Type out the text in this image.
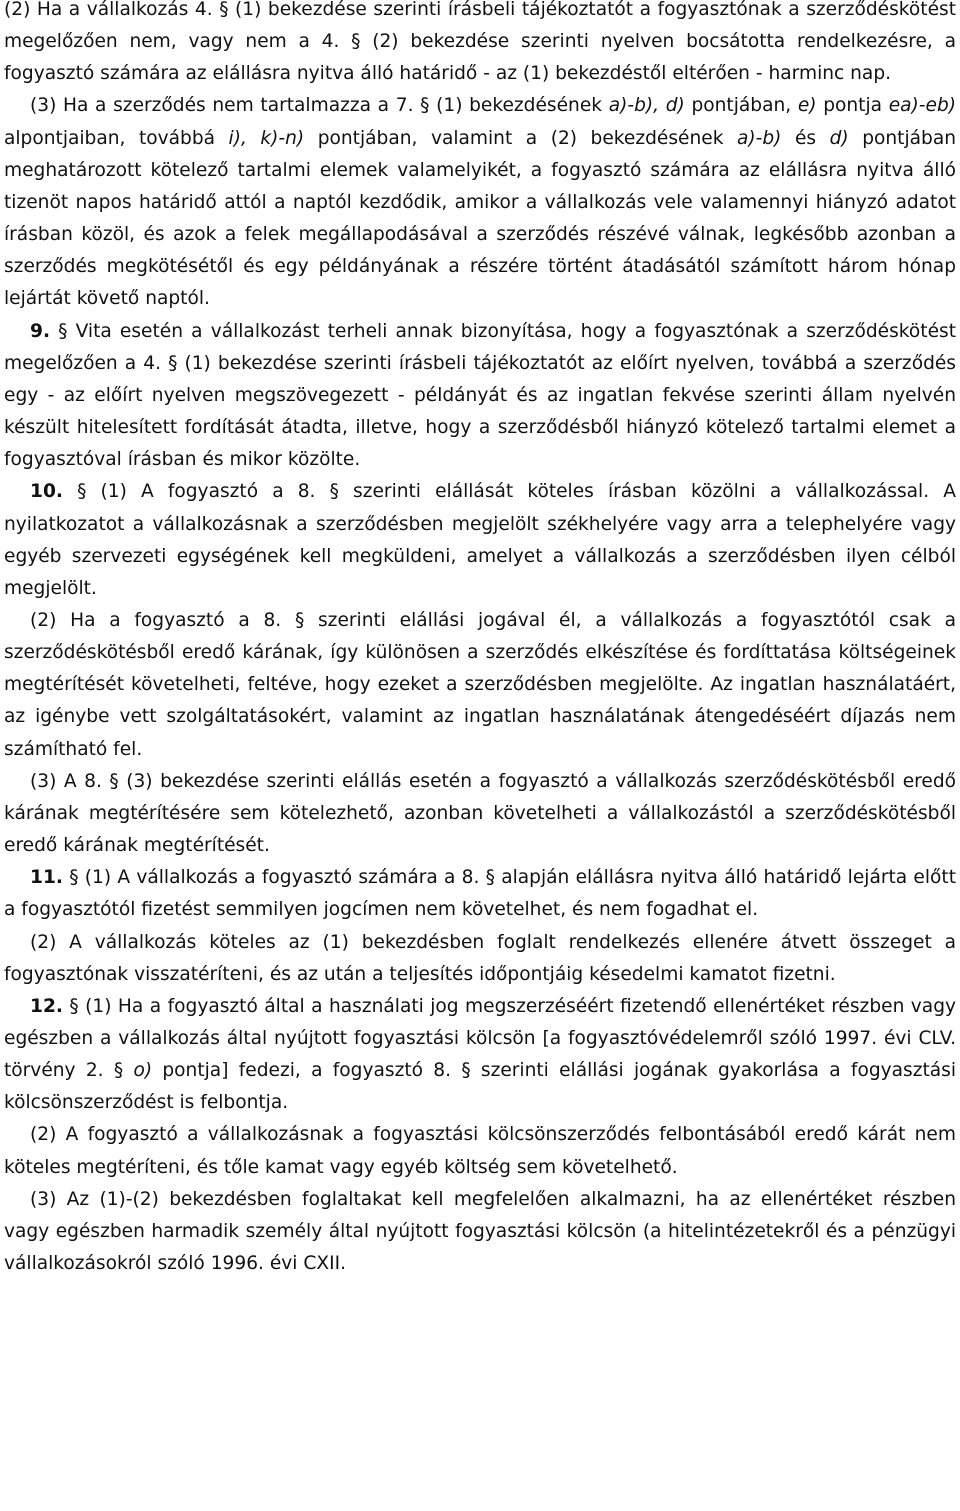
(2) Ha a vállalkozás 4. § (1) bekezdése szerinti írásbeli tájékoztatót a fogyasztónak a szerződéskötést megelőzően nem, vagy nem a 4. § (2) bekezdése szerinti nyelven bocsátotta rendelkezésre, a fogyasztó számára az elállásra nyitva álló határidő - az (1) bekezdéstől eltérően - harminc nap.

(3) Ha a szerződés nem tartalmazza a 7. § (1) bekezdésének a)-b), d) pontjában, e) pontja ea)-eb) alpontjaiban, továbbá i), k)-n) pontjában, valamint a (2) bekezdésének a)-b) és d) pontjában meghatározott kötelező tartalmi elemek valamelyikét, a fogyasztó számára az elállásra nyitva álló tizenöt napos határidő attól a naptól kezdődik, amikor a vállalkozás vele valamennyi hiányzó adatot írásban közöl, és azok a felek megállapodásával a szerződés részévé válnak, legkésőbb azonban a szerződés megkötésétől és egy példányának a részére történt átadásától számított három hónap lejártát követő naptól.

9. § Vita esetén a vállalkozást terheli annak bizonyítása, hogy a fogyasztónak a szerződéskötést megelőzően a 4. § (1) bekezdése szerinti írásbeli tájékoztatót az előírt nyelven, továbbá a szerződés egy - az előírt nyelven megszövegezett - példányát és az ingatlan fekvése szerinti állam nyelvén készült hitelesített fordítását átadta, illetve, hogy a szerződésből hiányzó kötelező tartalmi elemet a fogyasztóval írásban és mikor közölte.

10. § (1) A fogyasztó a 8. § szerinti elállását köteles írásban közölni a vállalkozással. A nyilatkozatot a vállalkozásnak a szerződésben megjelölt székhelyére vagy arra a telephelyére vagy egyéb szervezeti egységének kell megküldeni, amelyet a vállalkozás a szerződésben ilyen célból megjelölt.

(2) Ha a fogyasztó a 8. § szerinti elállási jogával él, a vállalkozás a fogyasztótól csak a szerződéskötésből eredő kárának, így különösen a szerződés elkészítése és fordíttatása költségeinek megtérítését követelheti, feltéve, hogy ezeket a szerződésben megjelölte. Az ingatlan használatáért, az igénybe vett szolgáltatásokért, valamint az ingatlan használatának átengedéséért díjazás nem számítható fel.

(3) A 8. § (3) bekezdése szerinti elállás esetén a fogyasztó a vállalkozás szerződéskötésből eredő kárának megtérítésére sem kötelezhető, azonban követelheti a vállalkozástól a szerződéskötésből eredő kárának megtérítését.

11. § (1) A vállalkozás a fogyasztó számára a 8. § alapján elállásra nyitva álló határidő lejárta előtt a fogyasztótól fizetést semmilyen jogcímen nem követelhet, és nem fogadhat el.

(2) A vállalkozás köteles az (1) bekezdésben foglalt rendelkezés ellenére átvett összeget a fogyasztónak visszatéríteni, és az után a teljesítés időpontjáig késedelmi kamatot fizetni.

12. § (1) Ha a fogyasztó által a használati jog megszerzéséért fizetendő ellenértéket részben vagy egészben a vállalkozás által nyújtott fogyasztási kölcsön [a fogyasztóvédelemről szóló 1997. évi CLV. törvény 2. § o) pontja] fedezi, a fogyasztó 8. § szerinti elállási jogának gyakorlása a fogyasztási kölcsönszerződést is felbontja.

(2) A fogyasztó a vállalkozásnak a fogyasztási kölcsönszerződés felbontásából eredő kárát nem köteles megtéríteni, és tőle kamat vagy egyéb költség sem követelhető.

(3) Az (1)-(2) bekezdésben foglaltakat kell megfelelően alkalmazni, ha az ellenértéket részben vagy egészben harmadik személy által nyújtott fogyasztási kölcsön (a hitelintézetekről és a pénzügyi vállalkozásokról szóló 1996. évi CXII.
